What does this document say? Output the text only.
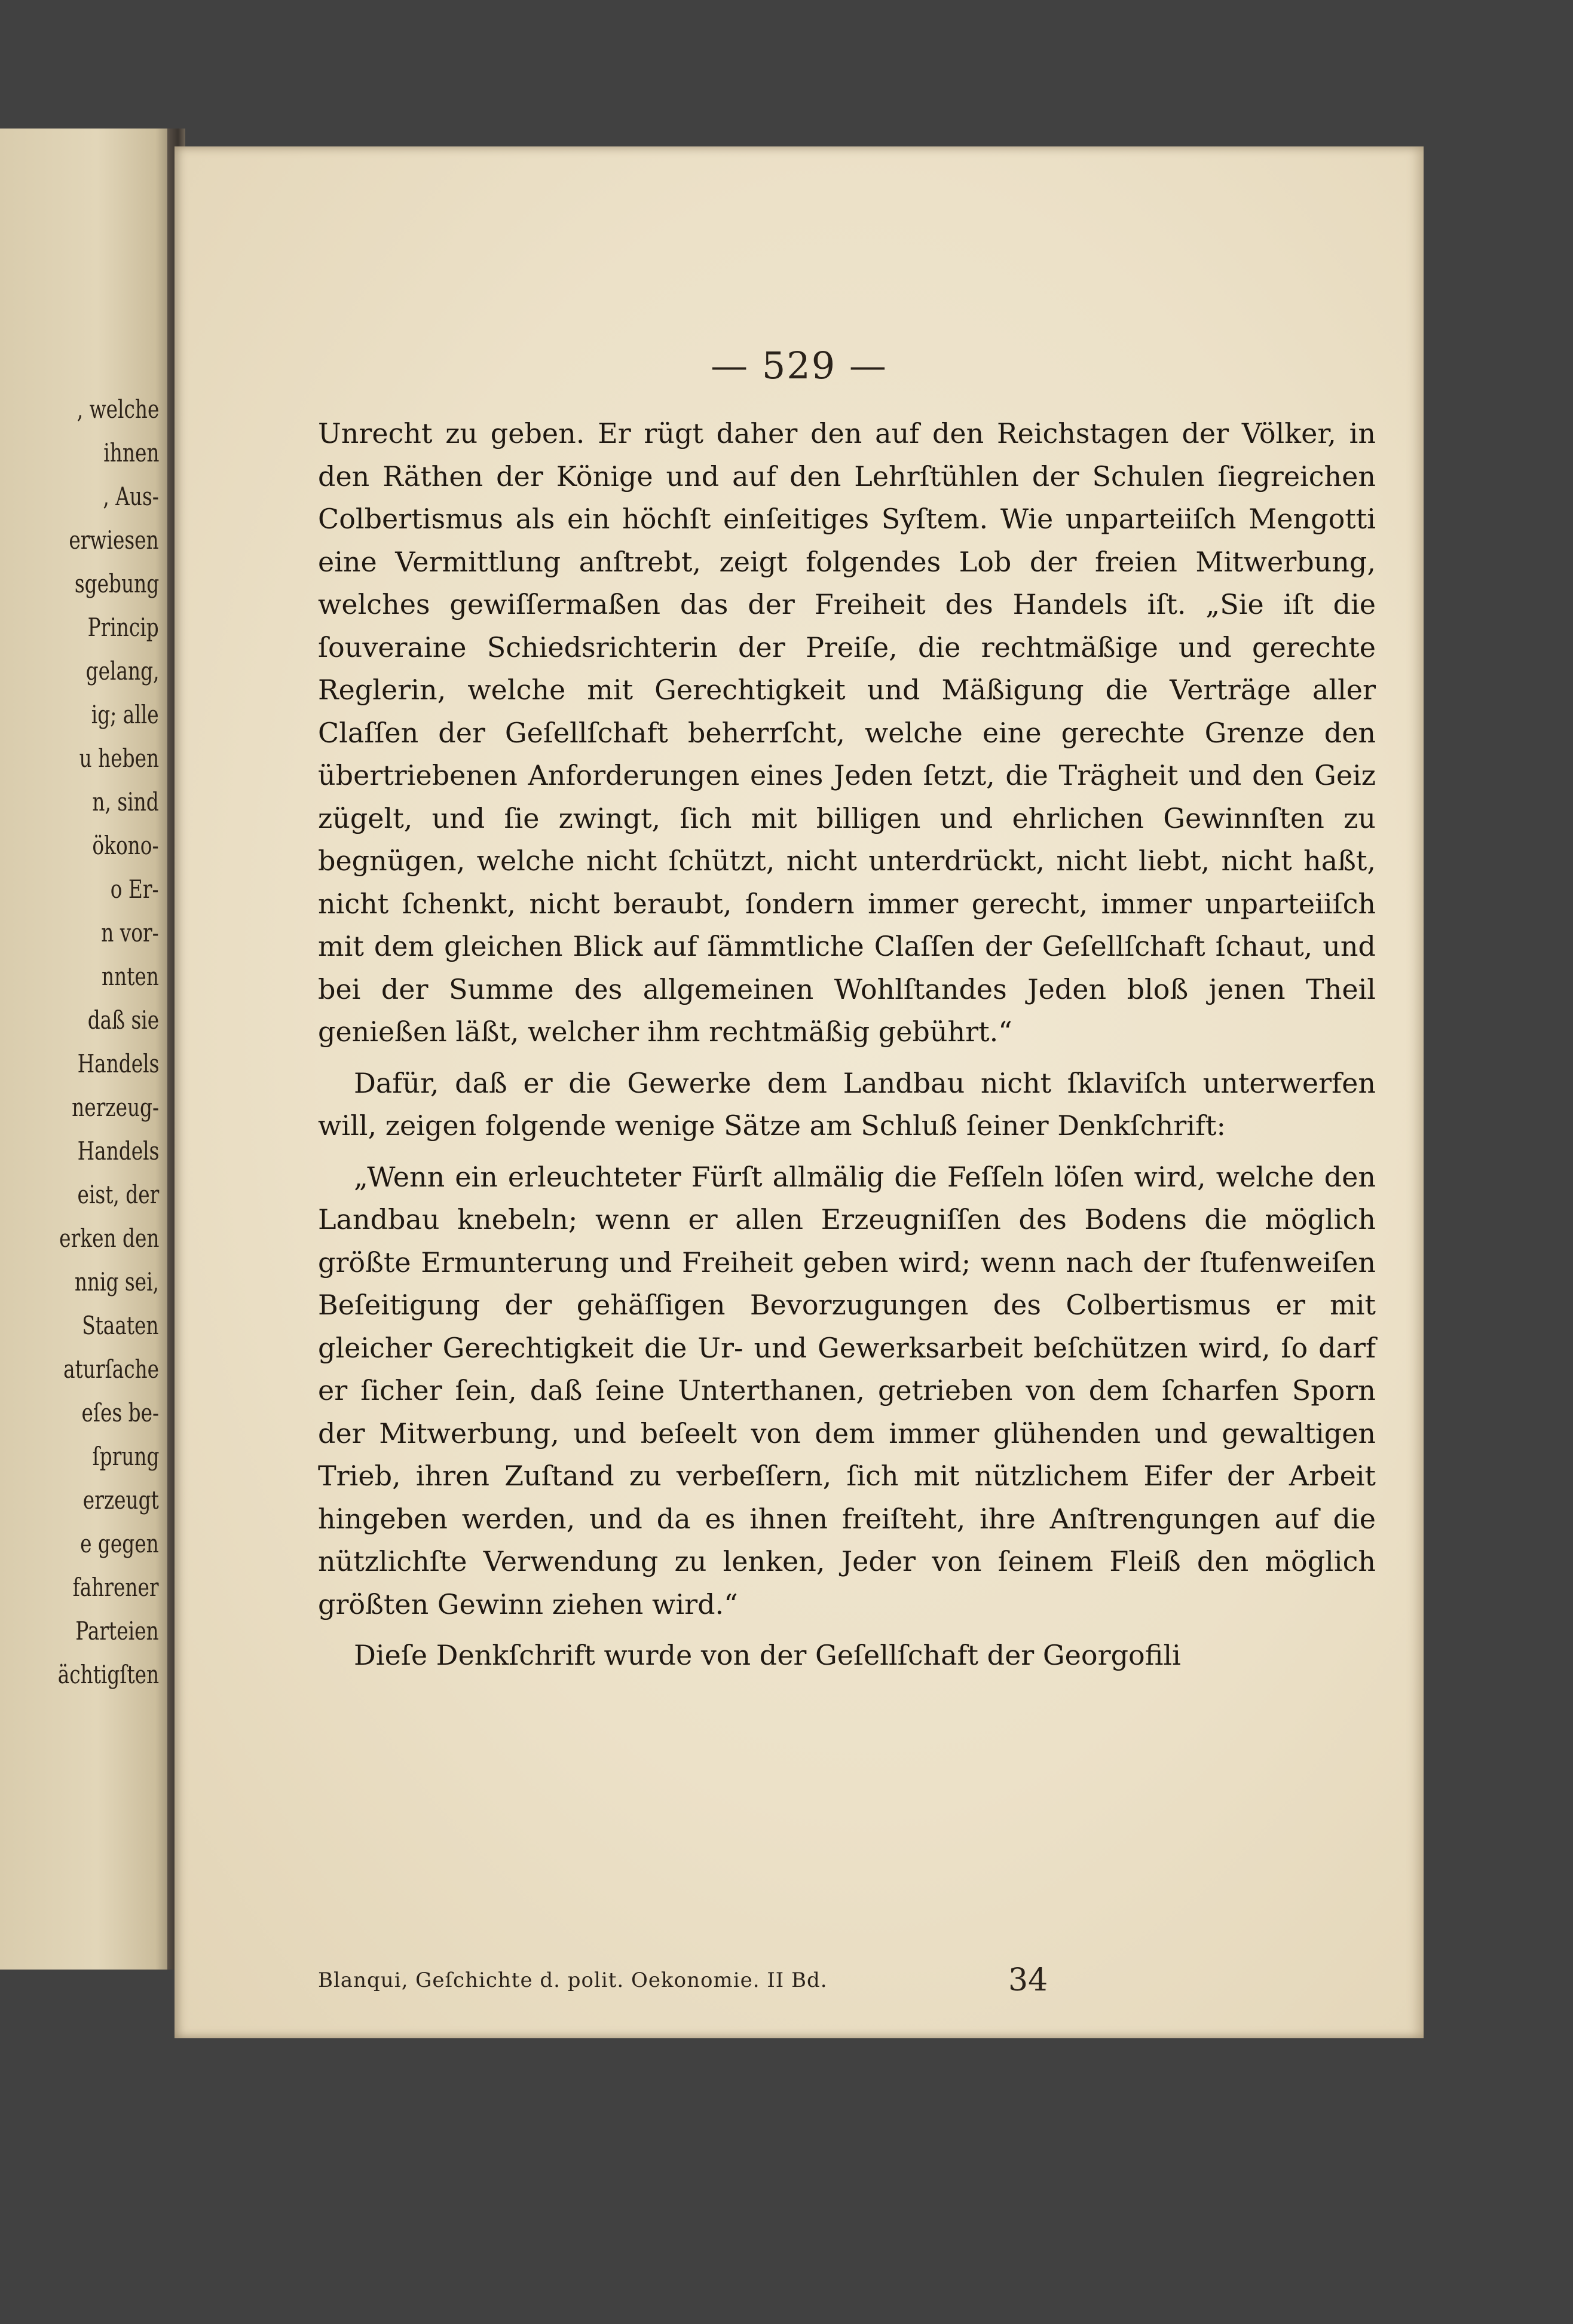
, welche
ihnen
, Aus-
erwiesen
sgebung
Princip
gelang,
ig; alle
u heben
n, sind
ökono-
o Er-
n vor-
nnten
daß sie
Handels
nerzeug-
Handels
eist, der
erken den
nnig sei,
Staaten
aturſache
eſes be-
ſprung
erzeugt
e gegen
fahrener
Parteien
ächtigſten
— 529 —

Unrecht zu geben. Er rügt daher den auf den Reichstagen der Völker, in den Räthen der Könige und auf den Lehrſtühlen der Schulen ſiegreichen Colbertismus als ein höchſt einſeitiges Syſtem. Wie unparteiiſch Mengotti eine Vermittlung anſtrebt, zeigt folgendes Lob der freien Mitwerbung, welches gewiſſermaßen das der Freiheit des Handels iſt. „Sie iſt die ſouveraine Schiedsrichterin der Preiſe, die rechtmäßige und gerechte Reglerin, welche mit Gerechtigkeit und Mäßigung die Verträge aller Claſſen der Geſellſchaft beherrſcht, welche eine gerechte Grenze den übertriebenen Anforderungen eines Jeden ſetzt, die Trägheit und den Geiz zügelt, und ſie zwingt, ſich mit billigen und ehrlichen Gewinnſten zu begnügen, welche nicht ſchützt, nicht unterdrückt, nicht liebt, nicht haßt, nicht ſchenkt, nicht beraubt, ſondern immer gerecht, immer unparteiiſch mit dem gleichen Blick auf ſämmtliche Claſſen der Geſellſchaft ſchaut, und bei der Summe des allgemeinen Wohlſtandes Jeden bloß jenen Theil genießen läßt, welcher ihm rechtmäßig gebührt.“

Dafür, daß er die Gewerke dem Landbau nicht ſklaviſch unterwerfen will, zeigen folgende wenige Sätze am Schluß ſeiner Denkſchrift:

„Wenn ein erleuchteter Fürſt allmälig die Feſſeln löſen wird, welche den Landbau knebeln; wenn er allen Erzeugniſſen des Bodens die möglich größte Ermunterung und Freiheit geben wird; wenn nach der ſtufenweiſen Beſeitigung der gehäſſigen Bevorzugungen des Colbertismus er mit gleicher Gerechtigkeit die Ur- und Gewerksarbeit beſchützen wird, ſo darf er ſicher ſein, daß ſeine Unterthanen, getrieben von dem ſcharfen Sporn der Mitwerbung, und beſeelt von dem immer glühenden und gewaltigen Trieb, ihren Zuſtand zu verbeſſern, ſich mit nützlichem Eifer der Arbeit hingeben werden, und da es ihnen freiſteht, ihre Anſtrengungen auf die nützlichſte Verwendung zu lenken, Jeder von ſeinem Fleiß den möglich größten Gewinn ziehen wird.“

Dieſe Denkſchrift wurde von der Geſellſchaft der Georgofili

Blanqui, Geſchichte d. polit. Oekonomie. II Bd.	34
